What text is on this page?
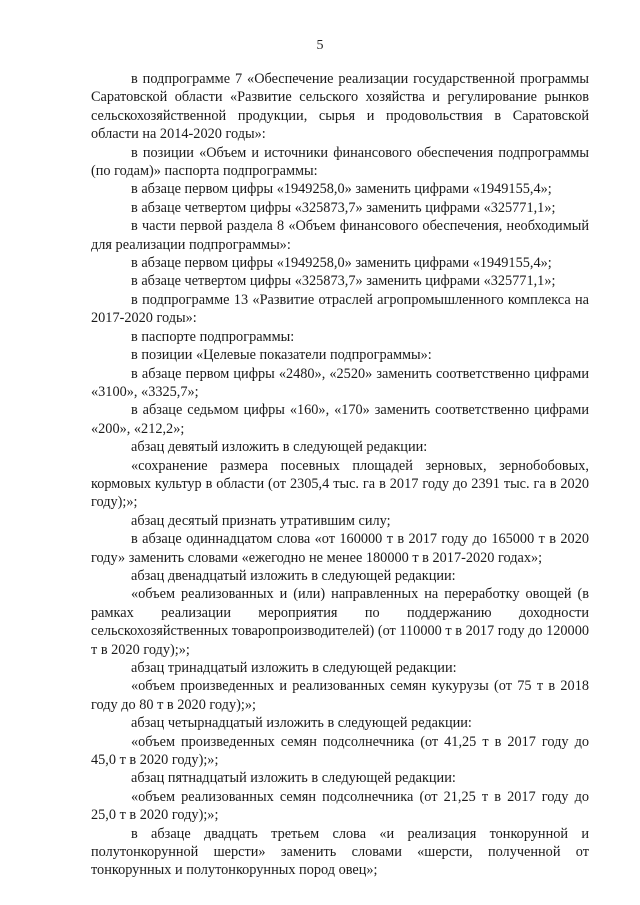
5

в подпрограмме 7 «Обеспечение реализации государственной программы Саратовской области «Развитие сельского хозяйства и регулирование рынков сельскохозяйственной продукции, сырья и продовольствия в Саратовской области на 2014-2020 годы»:

в позиции «Объем и источники финансового обеспечения подпрограммы (по годам)» паспорта подпрограммы:

в абзаце первом цифры «1949258,0» заменить цифрами «1949155,4»;

в абзаце четвертом цифры «325873,7» заменить цифрами «325771,1»;

в части первой раздела 8 «Объем финансового обеспечения, необходимый для реализации подпрограммы»:

в абзаце первом цифры «1949258,0» заменить цифрами «1949155,4»;

в абзаце четвертом цифры «325873,7» заменить цифрами «325771,1»;

в подпрограмме 13 «Развитие отраслей агропромышленного комплекса на 2017-2020 годы»:

в паспорте подпрограммы:

в позиции «Целевые показатели подпрограммы»:

в абзаце первом цифры «2480», «2520» заменить соответственно цифрами «3100», «3325,7»;

в абзаце седьмом цифры «160», «170» заменить соответственно цифрами «200», «212,2»;

абзац девятый изложить в следующей редакции:

«сохранение размера посевных площадей зерновых, зернобобовых, кормовых культур в области (от 2305,4 тыс. га в 2017 году до 2391 тыс. га в 2020 году);»;

абзац десятый признать утратившим силу;

в абзаце одиннадцатом слова «от 160000 т в 2017 году до 165000 т в 2020 году» заменить словами «ежегодно не менее 180000 т в 2017-2020 годах»;

абзац двенадцатый изложить в следующей редакции:

«объем реализованных и (или) направленных на переработку овощей (в рамках реализации мероприятия по поддержанию доходности сельскохозяйственных товаропроизводителей) (от 110000 т в 2017 году до 120000 т в 2020 году);»;

абзац тринадцатый изложить в следующей редакции:

«объем произведенных и реализованных семян кукурузы (от 75 т в 2018 году до 80 т в 2020 году);»;

абзац четырнадцатый изложить в следующей редакции:

«объем произведенных семян подсолнечника (от 41,25 т в 2017 году до 45,0 т в 2020 году);»;

абзац пятнадцатый изложить в следующей редакции:

«объем реализованных семян подсолнечника (от 21,25 т в 2017 году до 25,0 т в 2020 году);»;

в абзаце двадцать третьем слова «и реализация тонкорунной и полутонкорунной шерсти» заменить словами «шерсти, полученной от тонкорунных и полутонкорунных пород овец»;
